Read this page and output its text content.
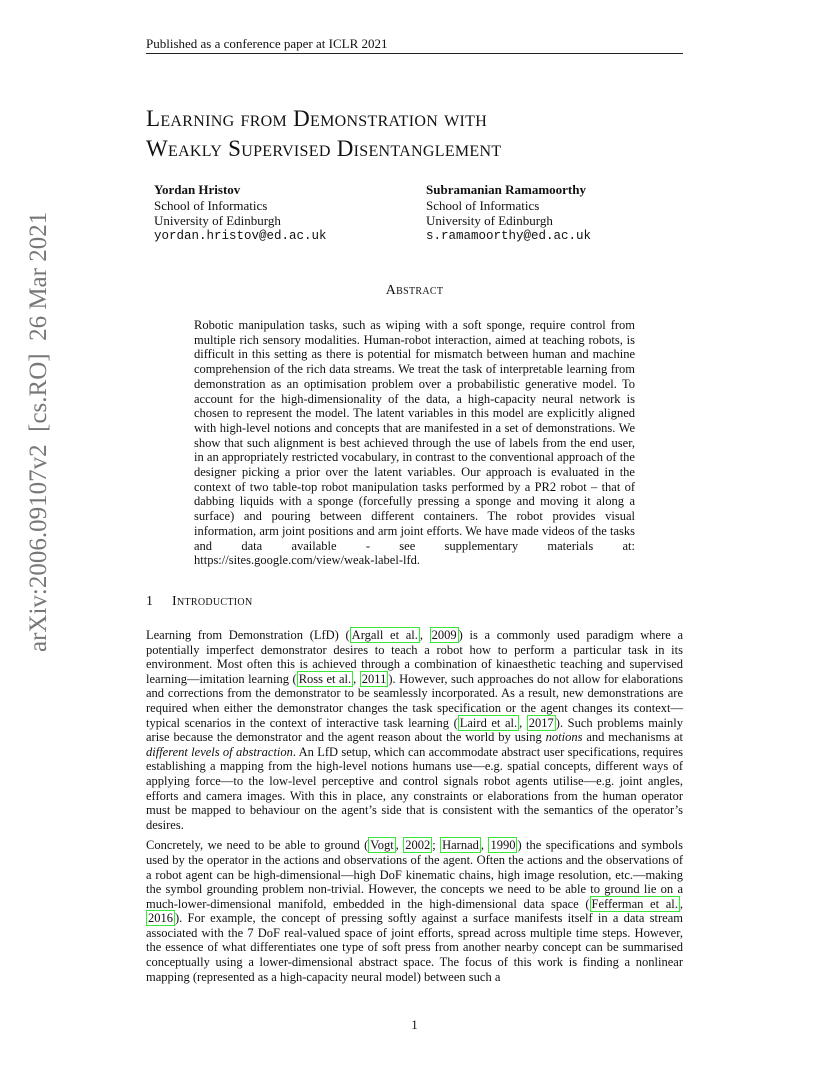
Published as a conference paper at ICLR 2021
arXiv:2006.09107v2  [cs.RO]  26 Mar 2021
Learning from Demonstration with
Weakly Supervised Disentanglement
Yordan Hristov
School of Informatics
University of Edinburgh
yordan.hristov@ed.ac.uk
Subramanian Ramamoorthy
School of Informatics
University of Edinburgh
s.ramamoorthy@ed.ac.uk
Abstract
Robotic manipulation tasks, such as wiping with a soft sponge, require control from multiple rich sensory modalities. Human-robot interaction, aimed at teaching robots, is difficult in this setting as there is potential for mismatch between human and machine comprehension of the rich data streams. We treat the task of interpretable learning from demonstration as an optimisation problem over a probabilistic generative model. To account for the high-dimensionality of the data, a high-capacity neural network is chosen to represent the model. The latent variables in this model are explicitly aligned with high-level notions and concepts that are manifested in a set of demonstrations. We show that such alignment is best achieved through the use of labels from the end user, in an appropriately restricted vocabulary, in contrast to the conventional approach of the designer picking a prior over the latent variables. Our approach is evaluated in the context of two table-top robot manipulation tasks performed by a PR2 robot – that of dabbing liquids with a sponge (forcefully pressing a sponge and moving it along a surface) and pouring between different containers. The robot provides visual information, arm joint positions and arm joint efforts. We have made videos of the tasks and data available - see supplementary materials at: https://sites.google.com/view/weak-label-lfd.
1 Introduction

Learning from Demonstration (LfD) ( Argall et al. , 2009 ) is a commonly used paradigm where a potentially imperfect demonstrator desires to teach a robot how to perform a particular task in its environment. Most often this is achieved through a combination of kinaesthetic teaching and supervised learning—imitation learning ( Ross et al. , 2011 ). However, such approaches do not allow for elaborations and corrections from the demonstrator to be seamlessly incorporated. As a result, new demonstrations are required when either the demonstrator changes the task specification or the agent changes its context—typical scenarios in the context of interactive task learning ( Laird et al. , 2017 ). Such problems mainly arise because the demonstrator and the agent reason about the world by using notions and mechanisms at different levels of abstraction. An LfD setup, which can accommodate abstract user specifications, requires establishing a mapping from the high-level notions humans use—e.g. spatial concepts, different ways of applying force—to the low-level perceptive and control signals robot agents utilise—e.g. joint angles, efforts and camera images. With this in place, any constraints or elaborations from the human operator must be mapped to behaviour on the agent’s side that is consistent with the semantics of the operator’s desires.

Concretely, we need to be able to ground ( Vogt , 2002 ; Harnad , 1990 ) the specifications and symbols used by the operator in the actions and observations of the agent. Often the actions and the observations of a robot agent can be high-dimensional—high DoF kinematic chains, high image resolution, etc.—making the symbol grounding problem non-trivial. However, the concepts we need to be able to ground lie on a much-lower-dimensional manifold, embedded in the high-dimensional data space ( Fefferman et al. , 2016 ). For example, the concept of pressing softly against a surface manifests itself in a data stream associated with the 7 DoF real-valued space of joint efforts, spread across multiple time steps. However, the essence of what differentiates one type of soft press from another nearby concept can be summarised conceptually using a lower-dimensional abstract space. The focus of this work is finding a nonlinear mapping (represented as a high-capacity neural model) between such a

1
